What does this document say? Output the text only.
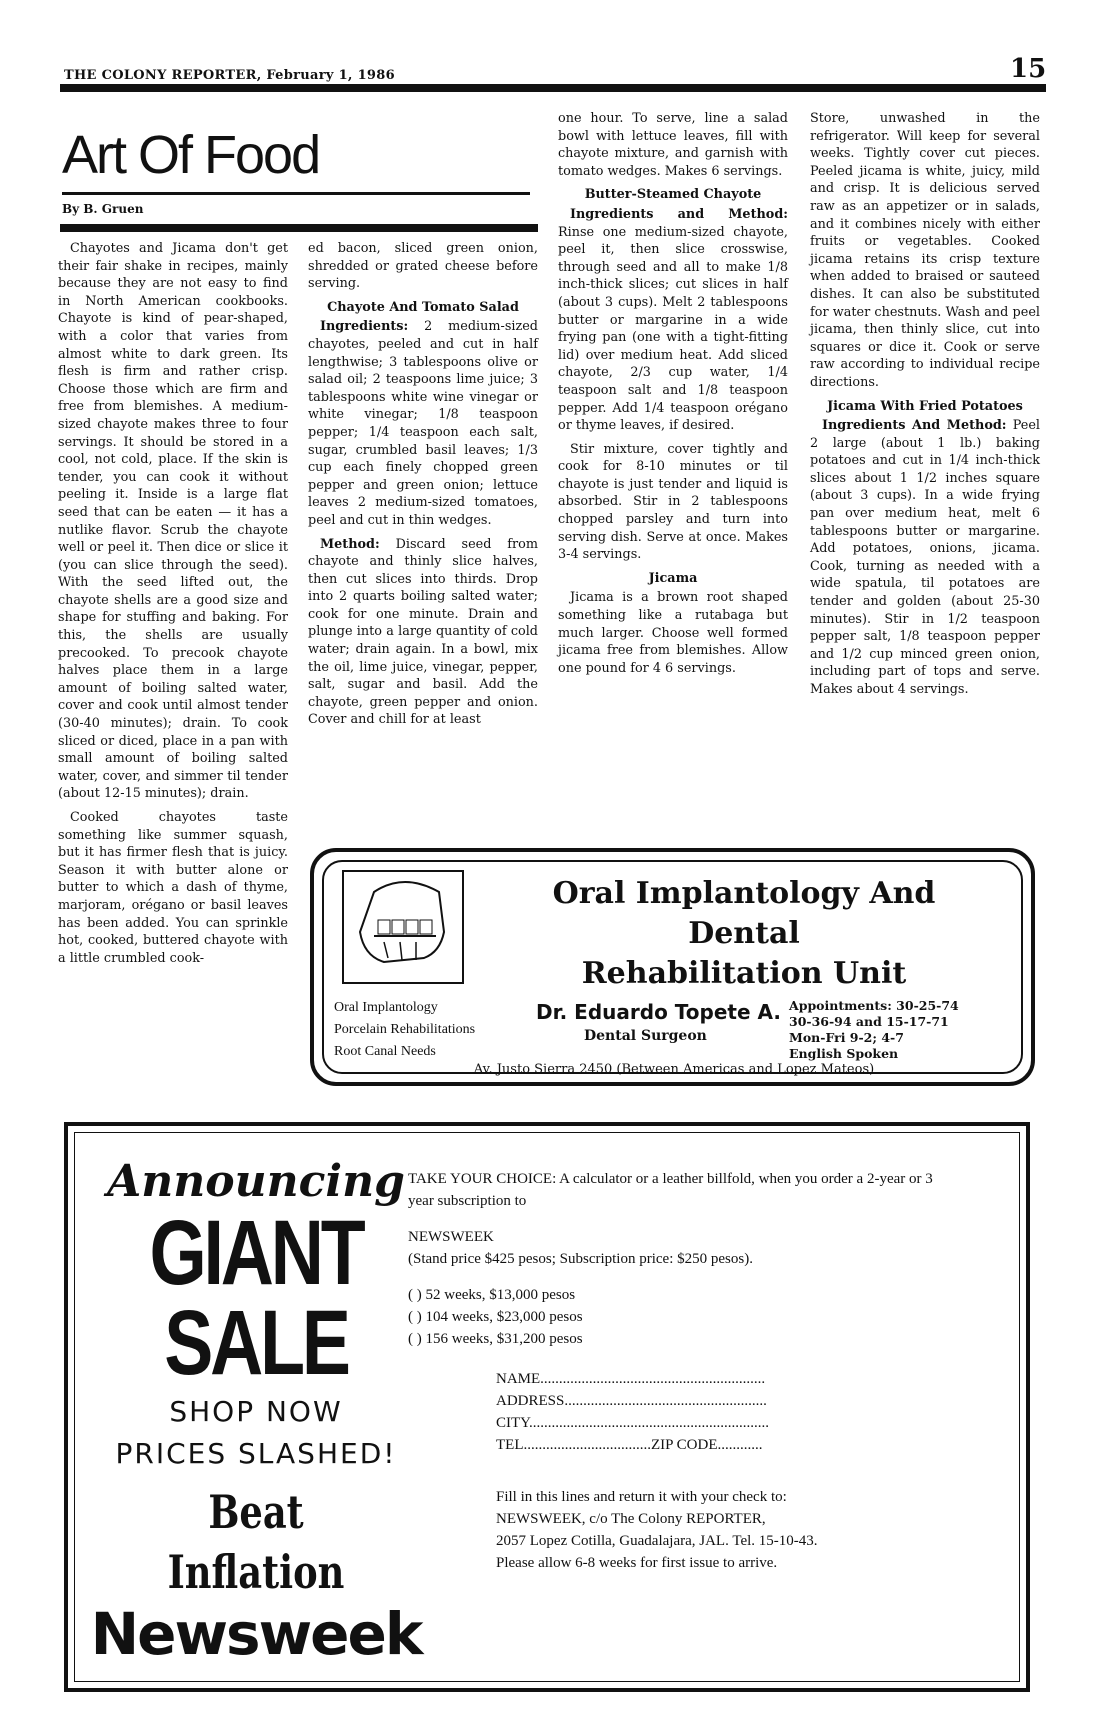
THE COLONY REPORTER, February 1, 1986	15
Art Of Food
By B. Gruen

Chayotes and Jicama don't get their fair shake in recipes, mainly because they are not easy to find in North American cookbooks. Chayote is kind of pear-shaped, with a color that varies from almost white to dark green. Its flesh is firm and rather crisp. Choose those which are firm and free from blemishes. A medium-sized chayote makes three to four servings. It should be stored in a cool, not cold, place. If the skin is tender, you can cook it without peeling it. Inside is a large flat seed that can be eaten — it has a nutlike flavor. Scrub the chayote well or peel it. Then dice or slice it (you can slice through the seed). With the seed lifted out, the chayote shells are a good size and shape for stuffing and baking. For this, the shells are usually precooked. To precook chayote halves place them in a large amount of boiling salted water, cover and cook until almost tender (30-40 minutes); drain. To cook sliced or diced, place in a pan with small amount of boiling salted water, cover, and simmer til tender (about 12-15 minutes); drain.

Cooked chayotes taste something like summer squash, but it has firmer flesh that is juicy. Season it with butter alone or butter to which a dash of thyme, marjoram, orégano or basil leaves has been added. You can sprinkle hot, cooked, buttered chayote with a little crumbled cook-

ed bacon, sliced green onion, shredded or grated cheese before serving.

Chayote And Tomato Salad

Ingredients: 2 medium-sized chayotes, peeled and cut in half lengthwise; 3 tablespoons olive or salad oil; 2 teaspoons lime juice; 3 tablespoons white wine vinegar or white vinegar; 1/8 teaspoon pepper; 1/4 teaspoon each salt, sugar, crumbled basil leaves; 1/3 cup each finely chopped green pepper and green onion; lettuce leaves 2 medium-sized tomatoes, peel and cut in thin wedges.

Method: Discard seed from chayote and thinly slice halves, then cut slices into thirds. Drop into 2 quarts boiling salted water; cook for one minute. Drain and plunge into a large quantity of cold water; drain again. In a bowl, mix the oil, lime juice, vinegar, pepper, salt, sugar and basil. Add the chayote, green pepper and onion. Cover and chill for at least

one hour. To serve, line a salad bowl with lettuce leaves, fill with chayote mixture, and garnish with tomato wedges. Makes 6 servings.

Butter-Steamed Chayote

Ingredients and Method: Rinse one medium-sized chayote, peel it, then slice crosswise, through seed and all to make 1/8 inch-thick slices; cut slices in half (about 3 cups). Melt 2 tablespoons butter or margarine in a wide frying pan (one with a tight-fitting lid) over medium heat. Add sliced chayote, 2/3 cup water, 1/4 teaspoon salt and 1/8 teaspoon pepper. Add 1/4 teaspoon orégano or thyme leaves, if desired.

Stir mixture, cover tightly and cook for 8-10 minutes or til chayote is just tender and liquid is absorbed. Stir in 2 tablespoons chopped parsley and turn into serving dish. Serve at once. Makes 3-4 servings.

Jicama

Jicama is a brown root shaped something like a rutabaga but much larger. Choose well formed jicama free from blemishes. Allow one pound for 4 6 servings.

Store, unwashed in the refrigerator. Will keep for several weeks. Tightly cover cut pieces. Peeled jicama is white, juicy, mild and crisp. It is delicious served raw as an appetizer or in salads, and it combines nicely with either fruits or vegetables. Cooked jicama retains its crisp texture when added to braised or sauteed dishes. It can also be substituted for water chestnuts. Wash and peel jicama, then thinly slice, cut into squares or dice it. Cook or serve raw according to individual recipe directions.

Jicama With Fried Potatoes

Ingredients And Method: Peel 2 large (about 1 lb.) baking potatoes and cut in 1/4 inch-thick slices about 1 1/2 inches square (about 3 cups). In a wide frying pan over medium heat, melt 6 tablespoons butter or margarine. Add potatoes, onions, jicama. Cook, turning as needed with a wide spatula, til potatoes are tender and golden (about 25-30 minutes). Stir in 1/2 teaspoon pepper salt, 1/8 teaspoon pepper and 1/2 cup minced green onion, including part of tops and serve. Makes about 4 servings.

Oral Implantology And Dental
Rehabilitation Unit
Oral Implantology
Porcelain Rehabilitations
Root Canal Needs
Dr. Eduardo Topete A.
Dental Surgeon
Appointments: 30-25-74
30-36-94 and 15-17-71
Mon-Fri 9-2; 4-7
English Spoken
Av. Justo Sierra 2450 (Between Americas and Lopez Mateos)
Announcing
GIANT
SALE
SHOP NOW
PRICES SLASHED!
Beat Inflation
Newsweek

TAKE YOUR CHOICE: A calculator or a leather billfold, when you order a 2-year or 3 year subscription to

NEWSWEEK

(Stand price $425 pesos; Subscription price: $250 pesos).

( ) 52 weeks, $13,000 pesos
( ) 104 weeks, $23,000 pesos
( ) 156 weeks, $31,200 pesos
NAME............................................................
ADDRESS......................................................
CITY................................................................
TEL..................................ZIP CODE............
Fill in this lines and return it with your check to:
NEWSWEEK, c/o The Colony REPORTER,
2057 Lopez Cotilla, Guadalajara, JAL. Tel. 15-10-43.
Please allow 6-8 weeks for first issue to arrive.
